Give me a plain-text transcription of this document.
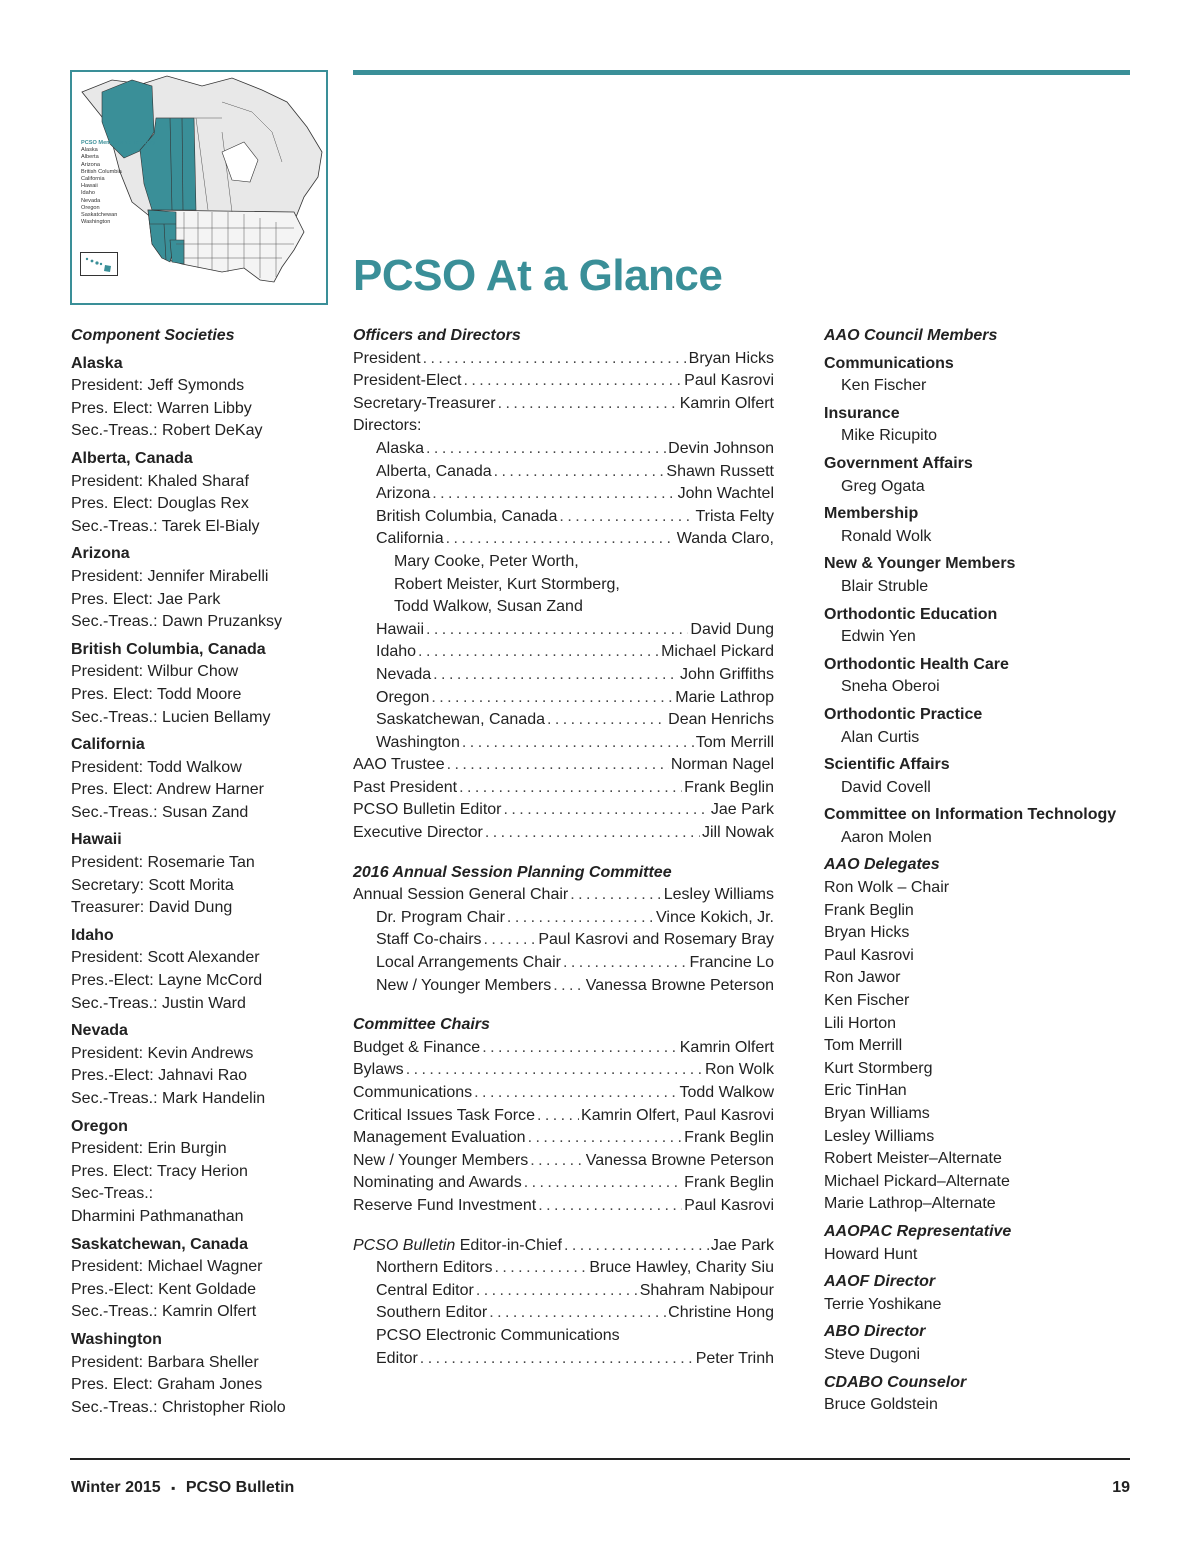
PCSO Membership Territory
Alaska
Alberta
Arizona
British Columbia
California
Hawaii
Idaho
Nevada
Oregon
Saskatchewan
Washington
PCSO At a Glance
Component Societies
Alaska
President: Jeff Symonds
Pres. Elect: Warren Libby
Sec.-Treas.: Robert DeKay
Alberta, Canada
President: Khaled Sharaf
Pres. Elect: Douglas Rex
Sec.-Treas.: Tarek El-Bialy
Arizona
President: Jennifer Mirabelli
Pres. Elect: Jae Park
Sec.-Treas.: Dawn Pruzanksy
British Columbia, Canada
President: Wilbur Chow
Pres. Elect: Todd Moore
Sec.-Treas.: Lucien Bellamy
California
President: Todd Walkow
Pres. Elect: Andrew Harner
Sec.-Treas.: Susan Zand
Hawaii
President: Rosemarie Tan
Secretary: Scott Morita
Treasurer: David Dung
Idaho
President: Scott Alexander
Pres.-Elect: Layne McCord
Sec.-Treas.: Justin Ward
Nevada
President: Kevin Andrews
Pres.-Elect: Jahnavi Rao
Sec.-Treas.: Mark Handelin
Oregon
President: Erin Burgin
Pres. Elect: Tracy Herion
Sec-Treas.:
Dharmini Pathmanathan
Saskatchewan, Canada
President: Michael Wagner
Pres.-Elect: Kent Goldade
Sec.-Treas.: Kamrin Olfert
Washington
President: Barbara Sheller
Pres. Elect: Graham Jones
Sec.-Treas.: Christopher Riolo
Officers and Directors
President . . .	Bryan Hicks
President-Elect . . .	Paul Kasrovi
Secretary-Treasurer . . .	Kamrin Olfert
Directors:
Alaska . . .	Devin Johnson
Alberta, Canada . . .	Shawn Russett
Arizona . . .	John Wachtel
British Columbia, Canada . . .	Trista Felty
California . . .	Wanda Claro,
Mary Cooke, Peter Worth,
Robert Meister, Kurt Stormberg,
Todd Walkow, Susan Zand
Hawaii . . .	David Dung
Idaho . . .	Michael Pickard
Nevada . . .	John Griffiths
Oregon . . .	Marie Lathrop
Saskatchewan, Canada . . .	Dean Henrichs
Washington . . .	Tom Merrill
AAO Trustee . . .	Norman Nagel
Past President . . .	Frank Beglin
PCSO Bulletin Editor . . .	Jae Park
Executive Director . . .	Jill Nowak
2016 Annual Session Planning Committee
Annual Session General Chair . . .	Lesley Williams
Dr. Program Chair . . .	Vince Kokich, Jr.
Staff Co-chairs . . .	Paul Kasrovi and Rosemary Bray
Local Arrangements Chair . . .	Francine Lo
New / Younger Members . . . Vanessa Browne Peterson
Committee Chairs
Budget & Finance . . .	Kamrin Olfert
Bylaws . . .	Ron Wolk
Communications . . .	Todd Walkow
Critical Issues Task Force . . .	Kamrin Olfert, Paul Kasrovi
Management Evaluation . . .	Frank Beglin
New / Younger Members . . .	Vanessa Browne Peterson
Nominating and Awards . . .	Frank Beglin
Reserve Fund Investment . . .	Paul Kasrovi
PCSO Bulletin Editor-in-Chief . . .	Jae Park
Northern Editors . . .	Bruce Hawley, Charity Siu
Central Editor . . .	Shahram Nabipour
Southern Editor . . .	Christine Hong
PCSO Electronic Communications
Editor . . .	Peter Trinh
AAO Council Members
Communications
Ken Fischer
Insurance
Mike Ricupito
Government Affairs
Greg Ogata
Membership
Ronald Wolk
New & Younger Members
Blair Struble
Orthodontic Education
Edwin Yen
Orthodontic Health Care
Sneha Oberoi
Orthodontic Practice
Alan Curtis
Scientific Affairs
David Covell
Committee on Information Technology
Aaron Molen
AAO Delegates
Ron Wolk – Chair
Frank Beglin
Bryan Hicks
Paul Kasrovi
Ron Jawor
Ken Fischer
Lili Horton
Tom Merrill
Kurt Stormberg
Eric TinHan
Bryan Williams
Lesley Williams
Robert Meister–Alternate
Michael Pickard–Alternate
Marie Lathrop–Alternate
AAOPAC Representative
Howard Hunt
AAOF Director
Terrie Yoshikane
ABO Director
Steve Dugoni
CDABO Counselor
Bruce Goldstein
Winter 2015 ▪ PCSO Bulletin	19
